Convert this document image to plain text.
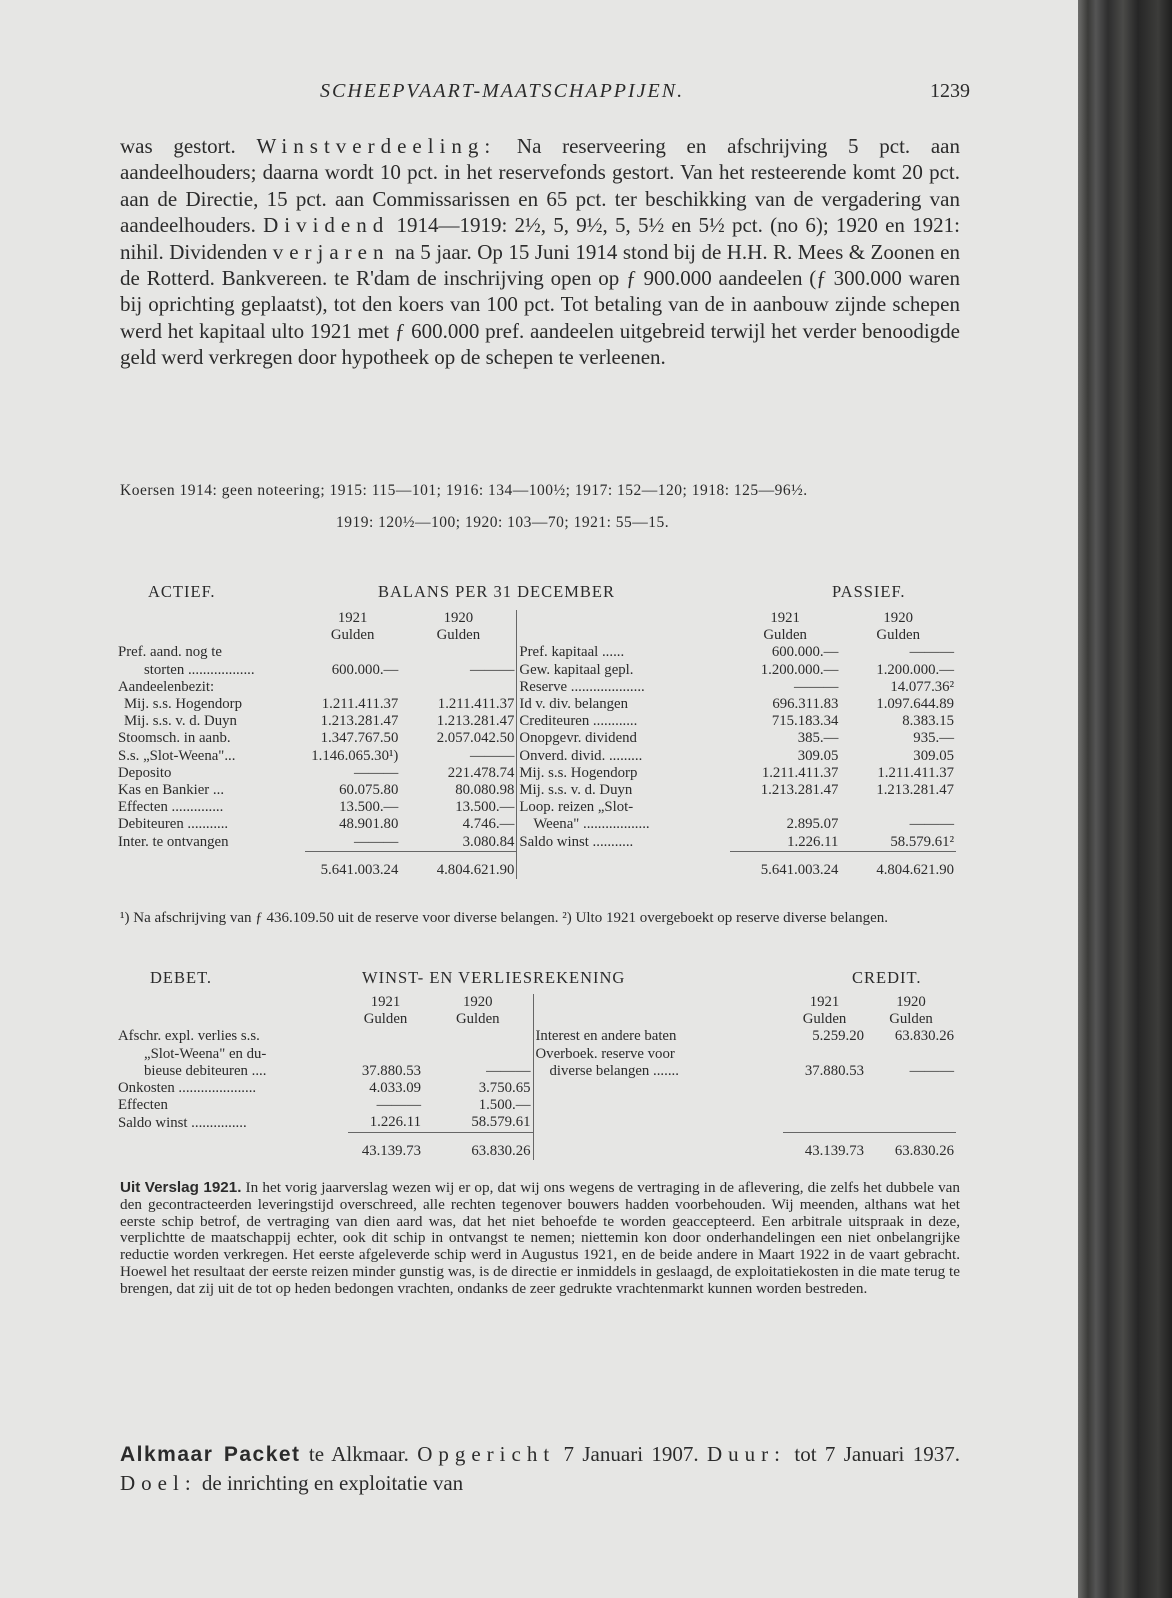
SCHEEPVAART-MAATSCHAPPIJEN.	1239
was gestort. Winstverdeeling: Na reserveering en afschrijving 5 pct. aan aandeelhouders; daarna wordt 10 pct. in het reservefonds gestort. Van het resteerende komt 20 pct. aan de Directie, 15 pct. aan Commissarissen en 65 pct. ter beschikking van de vergadering van aandeelhouders. Dividend 1914—1919: 2½, 5, 9½, 5, 5½ en 5½ pct. (no 6); 1920 en 1921: nihil. Dividenden verjaren na 5 jaar. Op 15 Juni 1914 stond bij de H.H. R. Mees & Zoonen en de Rotterd. Bankvereen. te R'dam de inschrijving open op ƒ 900.000 aandeelen (ƒ 300.000 waren bij oprichting geplaatst), tot den koers van 100 pct. Tot betaling van de in aanbouw zijnde schepen werd het kapitaal ulto 1921 met ƒ 600.000 pref. aandeelen uitgebreid terwijl het verder benoodigde geld werd verkregen door hypotheek op de schepen te verleenen.
Koersen 1914: geen noteering; 1915: 115—101; 1916: 134—100½; 1917: 152—120; 1918: 125—96½.
1919: 120½—100; 1920: 103—70; 1921: 55—15.
ACTIEF.	BALANS PER 31 DECEMBER	PASSIEF.
	1921	1920		1921	1920
	Gulden	Gulden		Gulden	Gulden
Pref. aand. nog te			Pref. kapitaal ......	600.000.—	———
storten ..................	600.000.—	———	Gew. kapitaal gepl.	1.200.000.—	1.200.000.—
Aandeelenbezit:			Reserve ....................	———	14.077.36²
Mij. s.s. Hogendorp	1.211.411.37	1.211.411.37	Id v. div. belangen	696.311.83	1.097.644.89
Mij. s.s. v. d. Duyn	1.213.281.47	1.213.281.47	Crediteuren ............	715.183.34	8.383.15
Stoomsch. in aanb.	1.347.767.50	2.057.042.50	Onopgevr. dividend	385.—	935.—
S.s. „Slot-Weena"...	1.146.065.30¹)	———	Onverd. divid. .........	309.05	309.05
Deposito	———	221.478.74	Mij. s.s. Hogendorp	1.211.411.37	1.211.411.37
Kas en Bankier ...	60.075.80	80.080.98	Mij. s.s. v. d. Duyn	1.213.281.47	1.213.281.47
Effecten ..............	13.500.—	13.500.—	Loop. reizen „Slot-		
Debiteuren ...........	48.901.80	4.746.—	Weena" ..................	2.895.07	———
Inter. te ontvangen	———	3.080.84	Saldo winst ...........	1.226.11	58.579.61²
	5.641.003.24	4.804.621.90		5.641.003.24	4.804.621.90
¹) Na afschrijving van ƒ 436.109.50 uit de reserve voor diverse belangen. ²) Ulto 1921 overgeboekt op reserve diverse belangen.
DEBET.	WINST- EN VERLIESREKENING	CREDIT.
	1921	1920		1921	1920
	Gulden	Gulden		Gulden	Gulden
Afschr. expl. verlies s.s.			Interest en andere baten	5.259.20	63.830.26
„Slot-Weena" en du-			Overboek. reserve voor		
bieuse debiteuren ....	37.880.53	———	diverse belangen .......	37.880.53	———
Onkosten .....................	4.033.09	3.750.65			
Effecten	———	1.500.—			
Saldo winst ...............	1.226.11	58.579.61			
	43.139.73	63.830.26		43.139.73	63.830.26
Uit Verslag 1921. In het vorig jaarverslag wezen wij er op, dat wij ons wegens de vertraging in de aflevering, die zelfs het dubbele van den gecontracteerden leveringstijd overschreed, alle rechten tegenover bouwers hadden voorbehouden. Wij meenden, althans wat het eerste schip betrof, de vertraging van dien aard was, dat het niet behoefde te worden geaccepteerd. Een arbitrale uitspraak in deze, verplichtte de maatschappij echter, ook dit schip in ontvangst te nemen; niettemin kon door onderhandelingen een niet onbelangrijke reductie worden verkregen. Het eerste afgeleverde schip werd in Augustus 1921, en de beide andere in Maart 1922 in de vaart gebracht. Hoewel het resultaat der eerste reizen minder gunstig was, is de directie er inmiddels in geslaagd, de exploitatiekosten in die mate terug te brengen, dat zij uit de tot op heden bedongen vrachten, ondanks de zeer gedrukte vrachtenmarkt kunnen worden bestreden.
Alkmaar Packet te Alkmaar. Opgericht 7 Januari 1907. Duur: tot 7 Januari 1937. Doel: de inrichting en exploitatie van
